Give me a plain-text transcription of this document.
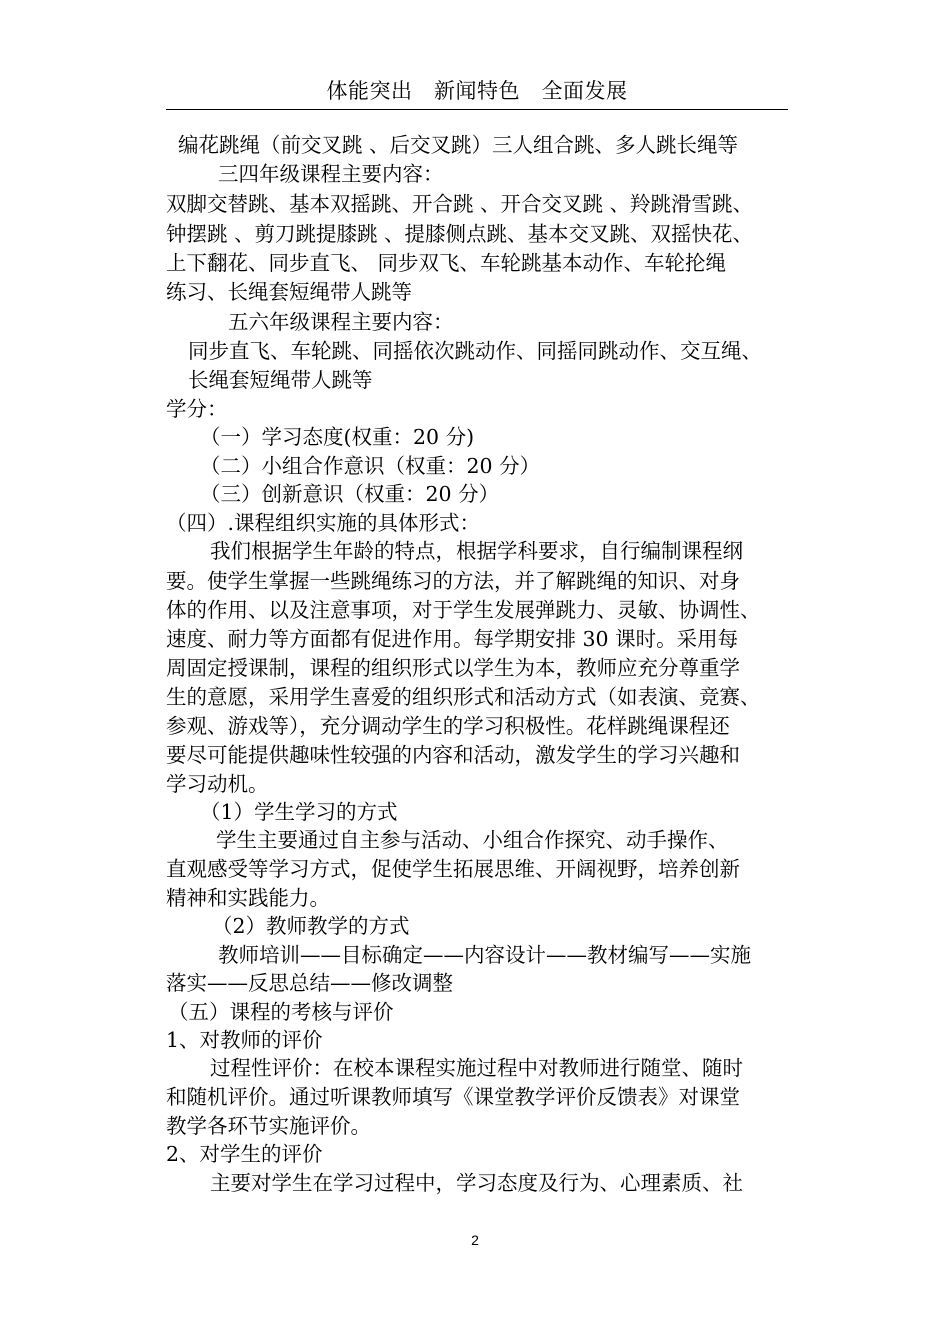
体能突出　新闻特色　全面发展
编花跳绳（前交叉跳 、后交叉跳）三人组合跳、多人跳长绳等
三四年级课程主要内容：
双脚交替跳、基本双摇跳、开合跳 、开合交叉跳 、羚跳滑雪跳、
钟摆跳 、剪刀跳提膝跳 、提膝侧点跳、基本交叉跳、双摇快花、
上下翻花、同步直飞、 同步双飞、车轮跳基本动作、车轮抡绳
练习、长绳套短绳带人跳等
五六年级课程主要内容：
同步直飞、车轮跳、同摇依次跳动作、同摇同跳动作、交互绳、
长绳套短绳带人跳等
学分：
（一）学习态度(权重：20 分)
（二）小组合作意识（权重：20 分）
（三）创新意识（权重：20 分）
（四）.课程组织实施的具体形式：
我们根据学生年龄的特点，根据学科要求，自行编制课程纲
要。使学生掌握一些跳绳练习的方法，并了解跳绳的知识、对身
体的作用、以及注意事项，对于学生发展弹跳力、灵敏、协调性、
速度、耐力等方面都有促进作用。每学期安排 30 课时。采用每
周固定授课制，课程的组织形式以学生为本，教师应充分尊重学
生的意愿，采用学生喜爱的组织形式和活动方式（如表演、竞赛、
参观、游戏等），充分调动学生的学习积极性。花样跳绳课程还
要尽可能提供趣味性较强的内容和活动，激发学生的学习兴趣和
学习动机。
（1）学生学习的方式
学生主要通过自主参与活动、小组合作探究、动手操作、
直观感受等学习方式，促使学生拓展思维、开阔视野，培养创新
精神和实践能力。
（2）教师教学的方式
教师培训——目标确定——内容设计——教材编写——实施
落实——反思总结——修改调整
（五）课程的考核与评价
1、对教师的评价
过程性评价：在校本课程实施过程中对教师进行随堂、随时
和随机评价。通过听课教师填写《课堂教学评价反馈表》对课堂
教学各环节实施评价。
2、对学生的评价
主要对学生在学习过程中，学习态度及行为、心理素质、社
2
